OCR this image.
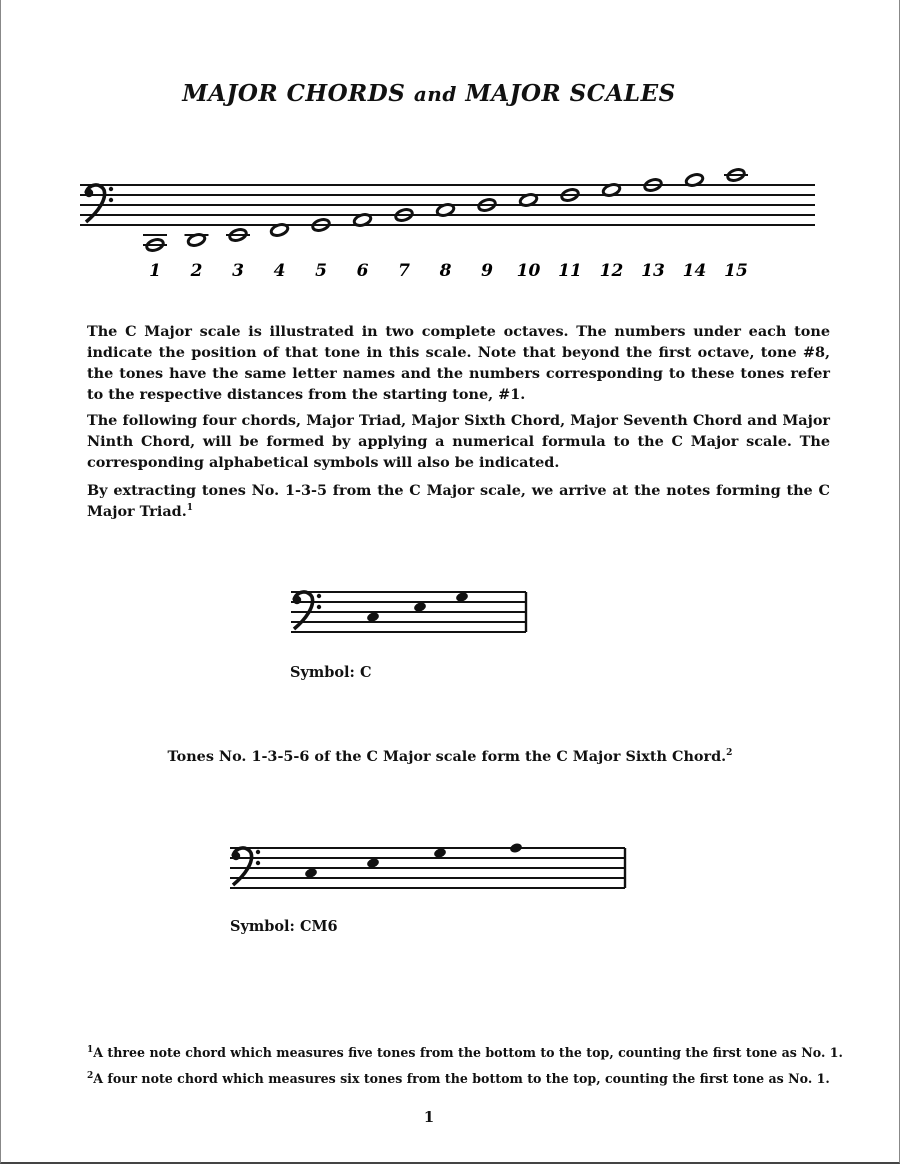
MAJOR CHORDS and MAJOR SCALES
1 2 3 4 5 6 7 8 9 10 11 12 13 14 15
The C Major scale is illustrated in two complete octaves. The numbers under each tone indicate the position of that tone in this scale. Note that beyond the first octave, tone #8, the tones have the same letter names and the numbers corresponding to these tones refer to the respective distances from the starting tone, #1.
The following four chords, Major Triad, Major Sixth Chord, Major Seventh Chord and Major Ninth Chord, will be formed by applying a numerical formula to the C Major scale. The corresponding alphabetical symbols will also be indicated.
By extracting tones No. 1-3-5 from the C Major scale, we arrive at the notes forming the C Major Triad.$^1$
Symbol: C
Tones No. 1-3-5-6 of the C Major scale form the C Major Sixth Chord.$^2$
Symbol: CM6
$^1$A three note chord which measures five tones from the bottom to the top, counting the first tone as No. 1.
$^2$A four note chord which measures six tones from the bottom to the top, counting the first tone as No. 1.
1
